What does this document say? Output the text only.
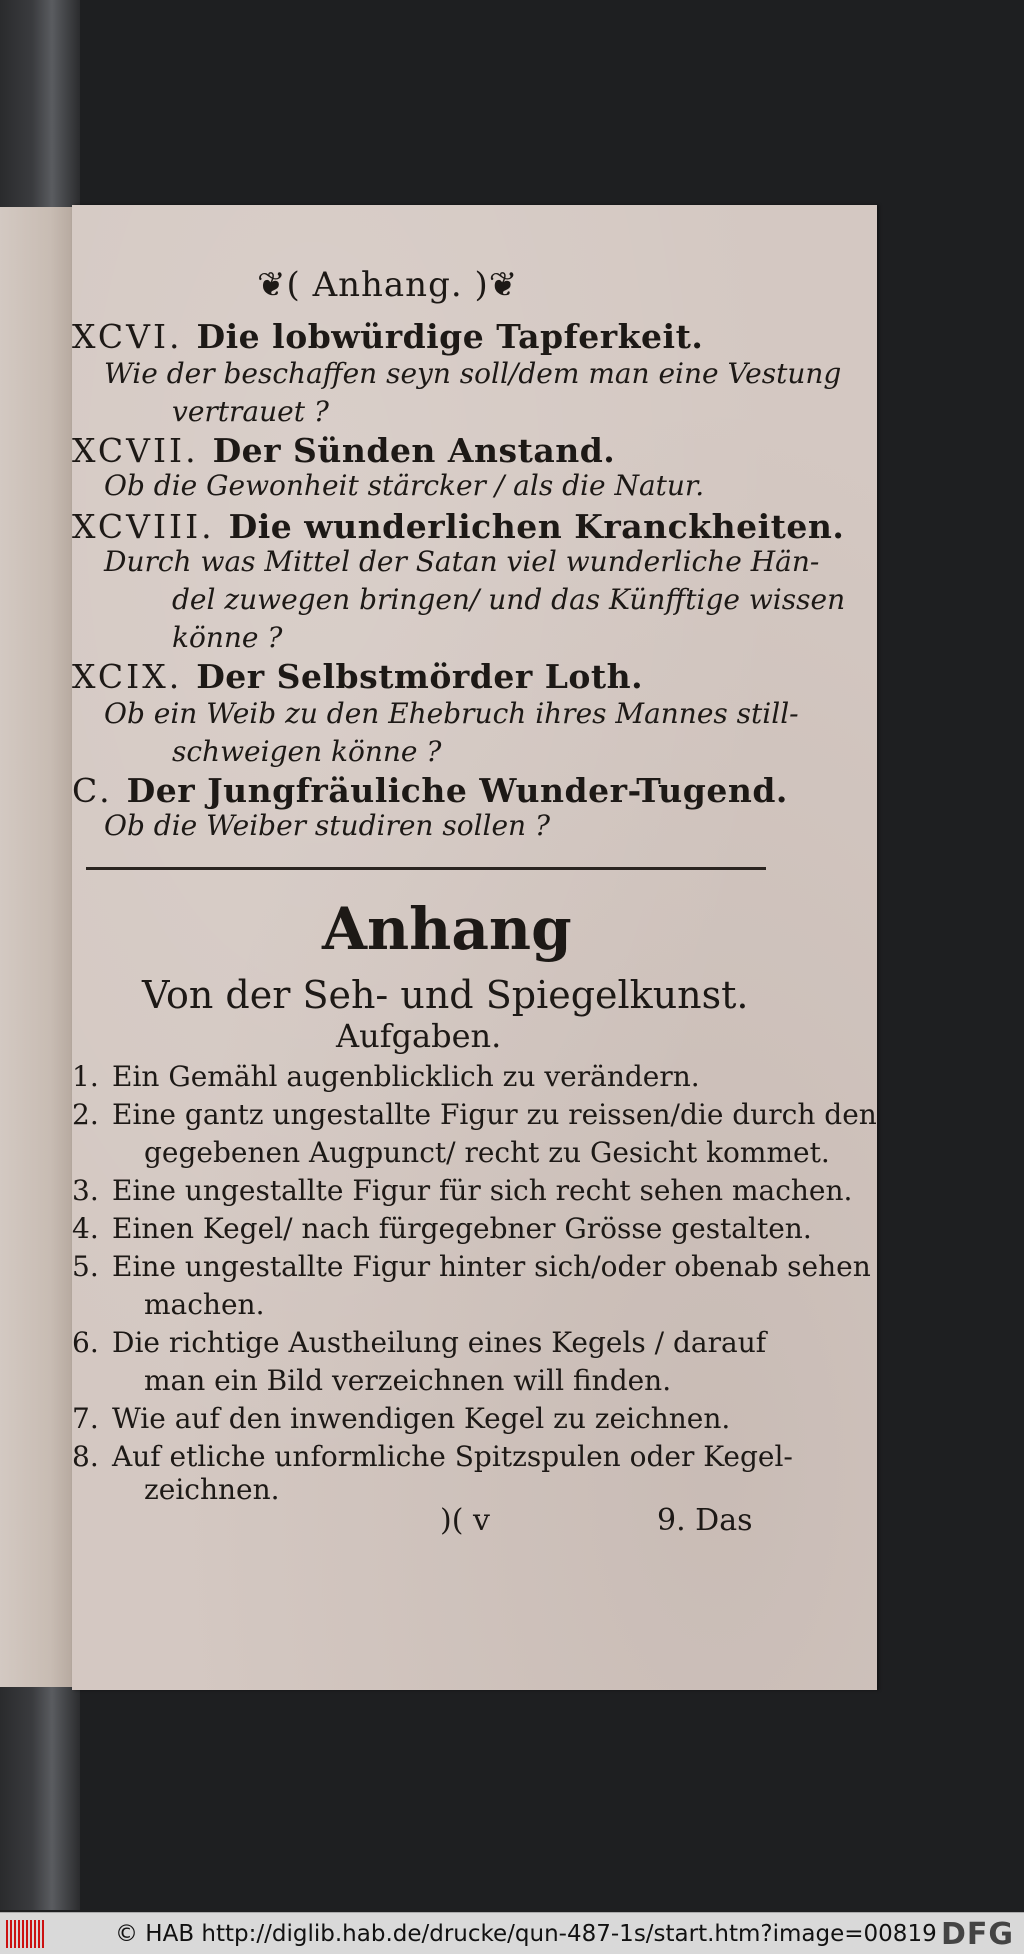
❦( Anhang. )❦
XCVI. Die lobwürdige Tapferkeit.
Wie der beschaffen seyn soll/dem man eine Vestung
vertrauet ?
XCVII. Der Sünden Anstand.
Ob die Gewonheit stärcker / als die Natur.
XCVIII. Die wunderlichen Kranckheiten.
Durch was Mittel der Satan viel wunderliche Hän-
del zuwegen bringen/ und das Künfftige wissen
könne ?
XCIX. Der Selbstmörder Loth.
Ob ein Weib zu den Ehebruch ihres Mannes still-
schweigen könne ?
C. Der Jungfräuliche Wunder-Tugend.
Ob die Weiber studiren sollen ?
Anhang
Von der Seh- und Spiegelkunst.
Aufgaben.
1. Ein Gemähl augenblicklich zu verändern.
2. Eine gantz ungestallte Figur zu reissen/die durch den
gegebenen Augpunct/ recht zu Gesicht kommet.
3. Eine ungestallte Figur für sich recht sehen machen.
4. Einen Kegel/ nach fürgegebner Grösse gestalten.
5. Eine ungestallte Figur hinter sich/oder obenab sehen
machen.
6. Die richtige Austheilung eines Kegels / darauf
man ein Bild verzeichnen will finden.
7. Wie auf den inwendigen Kegel zu zeichnen.
8. Auf etliche unformliche Spitzspulen oder Kegel-
zeichnen.
)( v	9. Das
© HAB http://diglib.hab.de/drucke/qun-487-1s/start.htm?image=00819 DFG
